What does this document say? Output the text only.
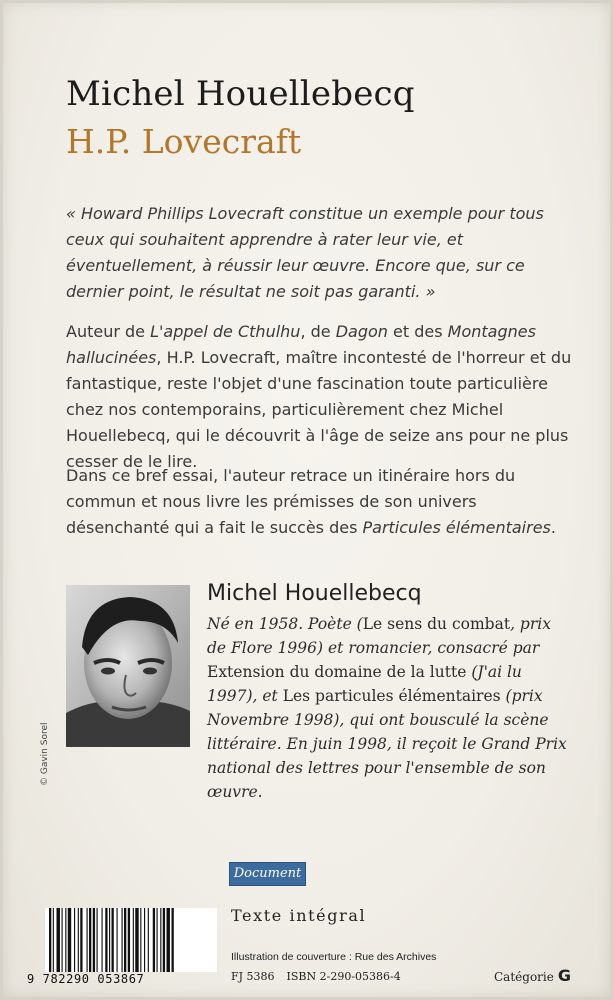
Michel Houellebecq
H.P. Lovecraft
« Howard Phillips Lovecraft constitue un exemple pour tous ceux qui souhaitent apprendre à rater leur vie, et éventuellement, à réussir leur œuvre. Encore que, sur ce dernier point, le résultat ne soit pas garanti. »
Auteur de L'appel de Cthulhu, de Dagon et des Montagnes hallucinées, H.P. Lovecraft, maître incontesté de l'horreur et du fantastique, reste l'objet d'une fascination toute particulière chez nos contemporains, particulièrement chez Michel Houellebecq, qui le découvrit à l'âge de seize ans pour ne plus cesser de le lire.
Dans ce bref essai, l'auteur retrace un itinéraire hors du commun et nous livre les prémisses de son univers désenchanté qui a fait le succès des Particules élémentaires.
© Gavin Sorel
Michel Houellebecq
Né en 1958. Poète (Le sens du combat, prix de Flore 1996) et romancier, consacré par Extension du domaine de la lutte (J'ai lu 1997), et Les particules élémentaires (prix Novembre 1998), qui ont bousculé la scène littéraire. En juin 1998, il reçoit le Grand Prix national des lettres pour l'ensemble de son œuvre.
Document
9 782290 053867
Texte intégral
Illustration de couverture : Rue des Archives
FJ 5386 ISBN 2-290-05386-4	Catégorie G
